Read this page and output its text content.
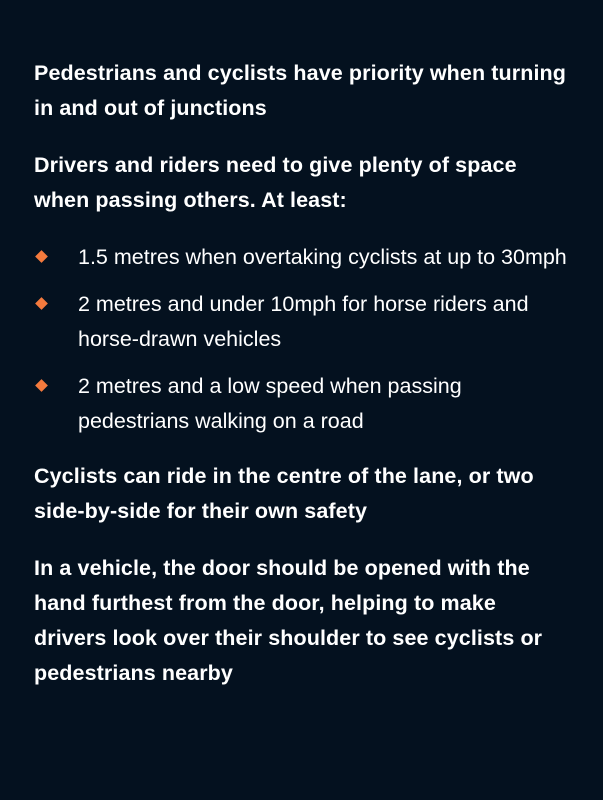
Pedestrians and cyclists have priority when turning in and out of junctions

Drivers and riders need to give plenty of space when passing others. At least:

1.5 metres when overtaking cyclists at up to 30mph
2 metres and under 10mph for horse riders and horse-drawn vehicles
2 metres and a low speed when passing pedestrians walking on a road

Cyclists can ride in the centre of the lane, or two side-by-side for their own safety

In a vehicle, the door should be opened with the hand furthest from the door, helping to make drivers look over their shoulder to see cyclists or pedestrians nearby
